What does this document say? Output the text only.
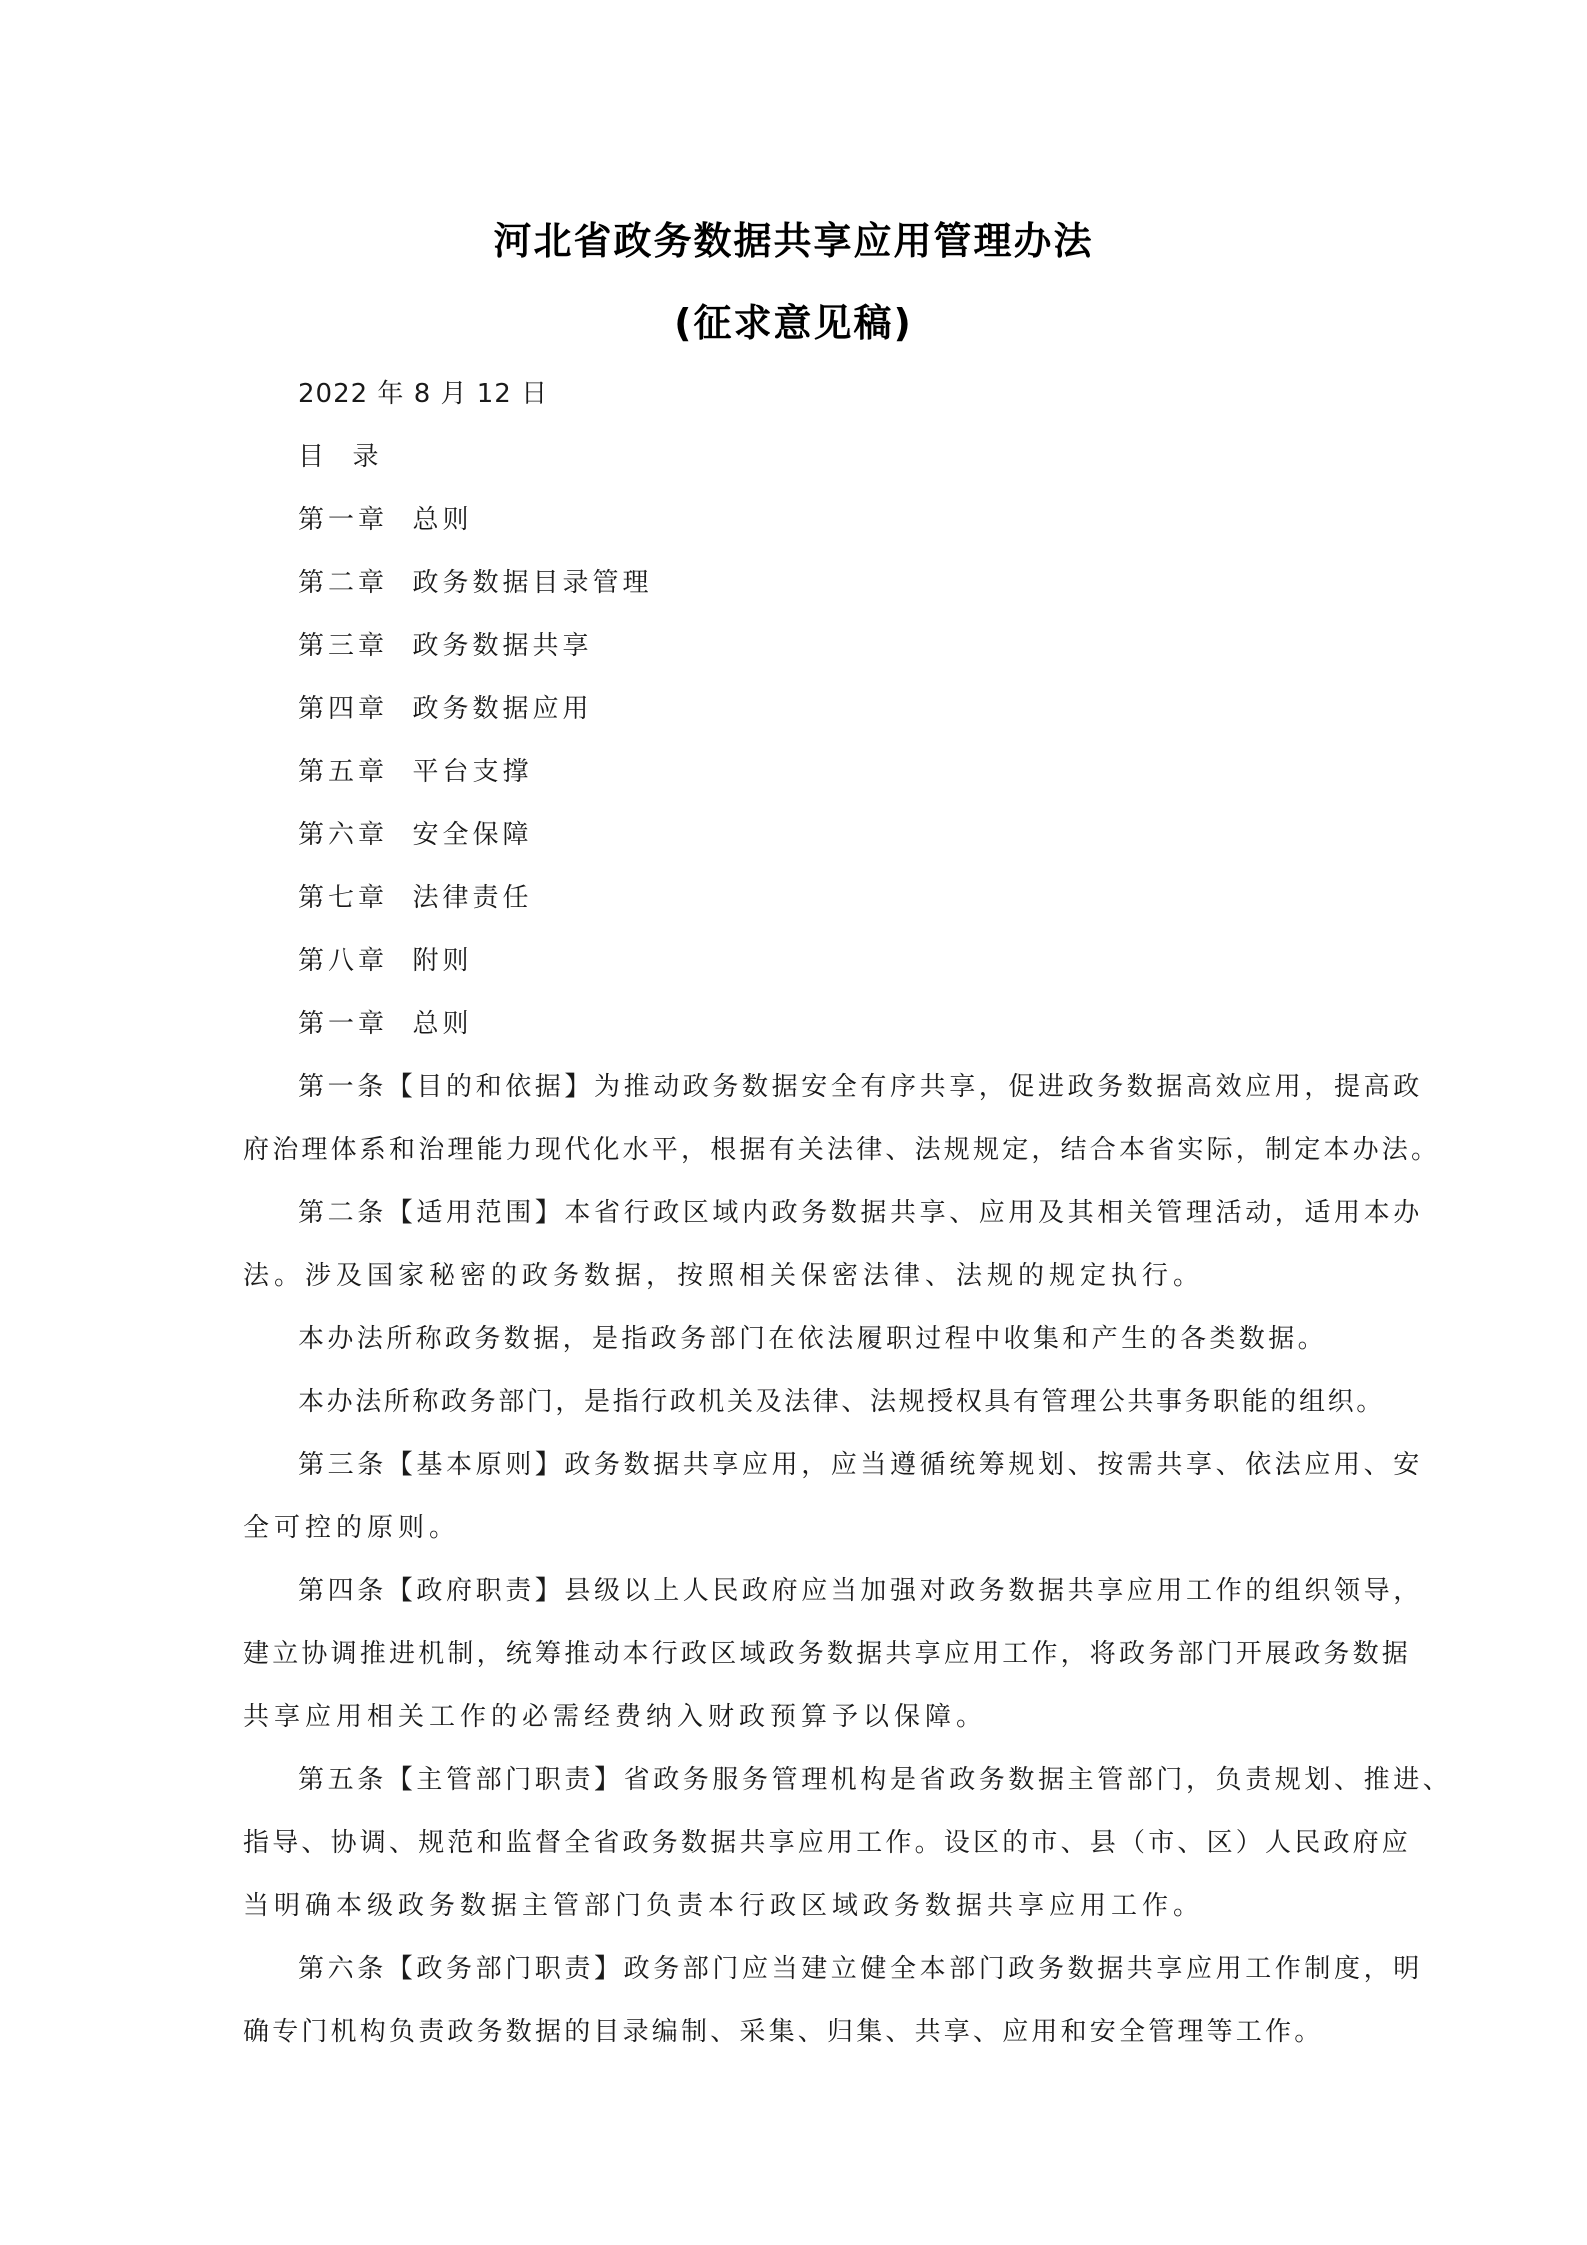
河北省政务数据共享应用管理办法
(征求意见稿)
2022 年 8 月 12 日
目  录
第一章  总则
第二章  政务数据目录管理
第三章  政务数据共享
第四章  政务数据应用
第五章  平台支撑
第六章  安全保障
第七章  法律责任
第八章  附则
第一章  总则
第一条【目的和依据】为推动政务数据安全有序共享，促进政务数据高效应用，提高政
府治理体系和治理能力现代化水平，根据有关法律、法规规定，结合本省实际，制定本办法。
第二条【适用范围】本省行政区域内政务数据共享、应用及其相关管理活动，适用本办
法。涉及国家秘密的政务数据，按照相关保密法律、法规的规定执行。
本办法所称政务数据，是指政务部门在依法履职过程中收集和产生的各类数据。
本办法所称政务部门，是指行政机关及法律、法规授权具有管理公共事务职能的组织。
第三条【基本原则】政务数据共享应用，应当遵循统筹规划、按需共享、依法应用、安
全可控的原则。
第四条【政府职责】县级以上人民政府应当加强对政务数据共享应用工作的组织领导，
建立协调推进机制，统筹推动本行政区域政务数据共享应用工作，将政务部门开展政务数据
共享应用相关工作的必需经费纳入财政预算予以保障。
第五条【主管部门职责】省政务服务管理机构是省政务数据主管部门，负责规划、推进、
指导、协调、规范和监督全省政务数据共享应用工作。设区的市、县（市、区）人民政府应
当明确本级政务数据主管部门负责本行政区域政务数据共享应用工作。
第六条【政务部门职责】政务部门应当建立健全本部门政务数据共享应用工作制度，明
确专门机构负责政务数据的目录编制、采集、归集、共享、应用和安全管理等工作。
